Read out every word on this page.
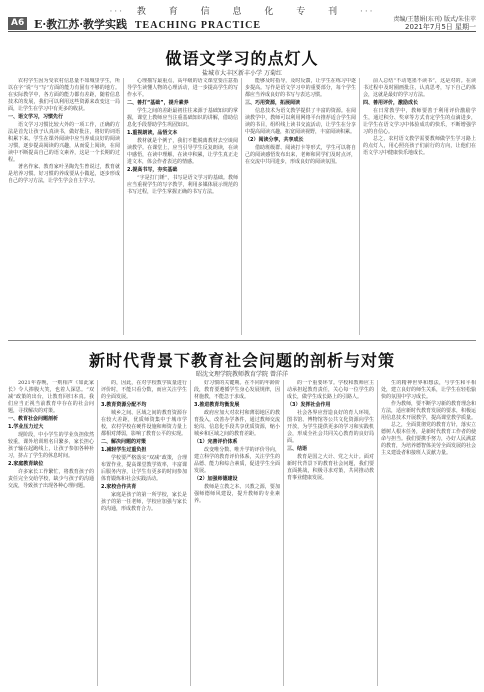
··· 教 育 信 息 化 专 刊 ···
A6 E·教江苏·教学实践 TEACHING PRACTICE
责编/王慧娟(东刊) 版式/朱佳苹
2021年7月5日 星期一
做语文学习的点灯人
盐城市大丰区新丰小学 万菊红

农村学生因为受农村信息量不如城里学生，所以在字“说”与“写”方面的能力有固有不够的地方。在实际教学中，各方面的能力都有差距，随着信息技术的发展，我们可以利用这些资源来改变这一局面，让学生在学习中有更多的收获。

一、语文学习，习惯先行

语文学习习惯比较大外的一项工作，正确的方法是首先让孩子认真读书，做好批注，将好的词语积累下来。学生在课外阅读中应当养成良好的阅读习惯，逐步提高阅读的兴趣，从而爱上阅读，在阅读中不断提高自己的语文素养，这是一个长期的过程。

著名作家、教育家叶圣陶先生曾说过，教育就是培养习惯。好习惯的养成要从小做起，逐步形成自己的学习方法，让学生学会自主学习。

心理描写最重点，高年级的语文课堂要注意指导学生读懂人物的心理活动，进一步提高学生的写作水平。

二、善打“基础”，提升素养

学生之间的差距最初往往来源于基础知识的掌握，课堂上教师应当注重基础知识的讲解，借助信息化手段帮助学生巩固知识。

1.重视朗读，品悟文本

教材就是个例子，我们不能脱离教材去空谈阅读教学。在课堂上，应当引导学生反复朗读，在读中感悟，在读中理解，在读中积累，让学生真正走进文本，体会作者表达的情感。

2.提高书写，夯实基础

“字是打门锤”，书写是语文学习的基础。教师应当重视学生的写字教学，利用多媒体展示规范的书写过程，让学生掌握正确的书写方法。

能够及时指导，及时反馈，让学生在练习中逐步提高。写作是语文学习中的重要部分，每个学生都应当养成良好的书写与表达习惯。

三、巧用资源，拓展阅读

信息技术为语文教学提供了丰富的资源。在阅读教学中，教师可以利用网络平台推荐适合学生阅读的书目，组织线上读书交流活动，让学生在分享中提高阅读兴趣，拓宽阅读视野，丰富阅读积累。

（2）阅读分享，共享成长

借助班级群、阅读打卡等形式，学生可以将自己的阅读感悟发布出来，老师和同学们及时点评，在交流中共同进步，形成良好的阅读氛围。

前人总结“不动笔墨不读书”，这是对的。在读书过程中及时圈画批注，认真思考，写下自己的体会，这就是最好的学习方法。

四、善用评价，激励成长

在日常教学中，教师要善于利用评价激励学生，通过积分、奖章等方式肯定学生的点滴进步，让学生在语文学习中体验成功的快乐，不断增强学习的自信心。

总之，农村语文教学需要教师做学生学习路上的点灯人，用心照亮孩子们前行的方向，让他们在语文学习中健康快乐地成长。

新时代背景下教育社会问题的剖析与对策
昭沈文理学院教师教育学院 曾洋洋

2021年春晚，一则相声《如此家长》令人捧腹大笑，也着人深思。“双减”政策的出台，让教育回归本真。我们应当正视当前教育中存在的社会问题，寻找解决的对策。

一、教育社会问题剖析

1.学业压力过大

现阶段，中小学生的学业负担依然较重，课外培训班名目繁多，家长担心孩子输在起跑线上，让孩子参加各种补习，挤占了学生的休息时间。

2.家庭教育缺位

许多家长工作繁忙，将教育孩子的责任完全交给学校，缺少与孩子的沟通交流，导致孩子出现各种心理问题。

的，因此，在对学校教学质量进行评价时，不能只看分数，而应关注学生的全面发展。

3.教育资源分配不均

城乡之间、区域之间的教育资源存在较大差距，优质师资集中于城市学校，农村学校在硬件设施和师资力量上都相对薄弱，影响了教育公平的实现。

二、解决问题的对策

1.减轻学生过重负担

学校要严格落实“双减”政策，合理布置作业，提高课堂教学效率，丰富课后服务内容，让学生有更多的时间参加体育锻炼和社会实践活动。

2.家校合作共育

家庭是孩子的第一所学校，家长是孩子的第一任老师，学校应加强与家长的沟通，形成教育合力。

好习惯的关键期。在不同的年龄阶段，教育要遵循学生身心发展规律，因材施教，不能急于求成。

3.推进教育均衡发展

政府应加大对农村和薄弱地区的教育投入，改善办学条件，通过教师交流轮岗、信息化手段共享优质资源，缩小城乡和区域之间的教育差距。

（1）完善评价体系

改变唯分数、唯升学的评价导向，建立科学的教育评价体系，关注学生的品德、能力和综合素质，促进学生全面发展。

（2）加强师德建设

教师是立教之本、兴教之源，要加强师德师风建设，提升教师的专业素养。

的一个重要环节。学校和教师应主动承担起教育责任，关心每一位学生的成长，做学生成长路上的引路人。

（3）发挥社会作用

社会各界应营造良好的育人环境，图书馆、博物馆等公共文化资源向学生开放，为学生提供更多的学习和实践机会，形成全社会共同关心教育的良好局面。

三、结语

教育是国之大计、党之大计。面对新时代背景下的教育社会问题，我们要直面挑战，积极寻求对策，共同推动教育事业健康发展。

生的精神世界和想法，与学生和平相处，建立良好的师生关系，让学生在轻松愉快的氛围中学习成长。

作为教师，要不断学习新的教育理念和方法，适应新时代教育发展的要求，积极运用信息技术开展教学，提高课堂教学质量。

总之，全面贯彻党的教育方针，落实立德树人根本任务，是新时代教育工作者的使命与担当。我们要携手努力，办好人民满意的教育，为培养德智体美劳全面发展的社会主义建设者和接班人贡献力量。
